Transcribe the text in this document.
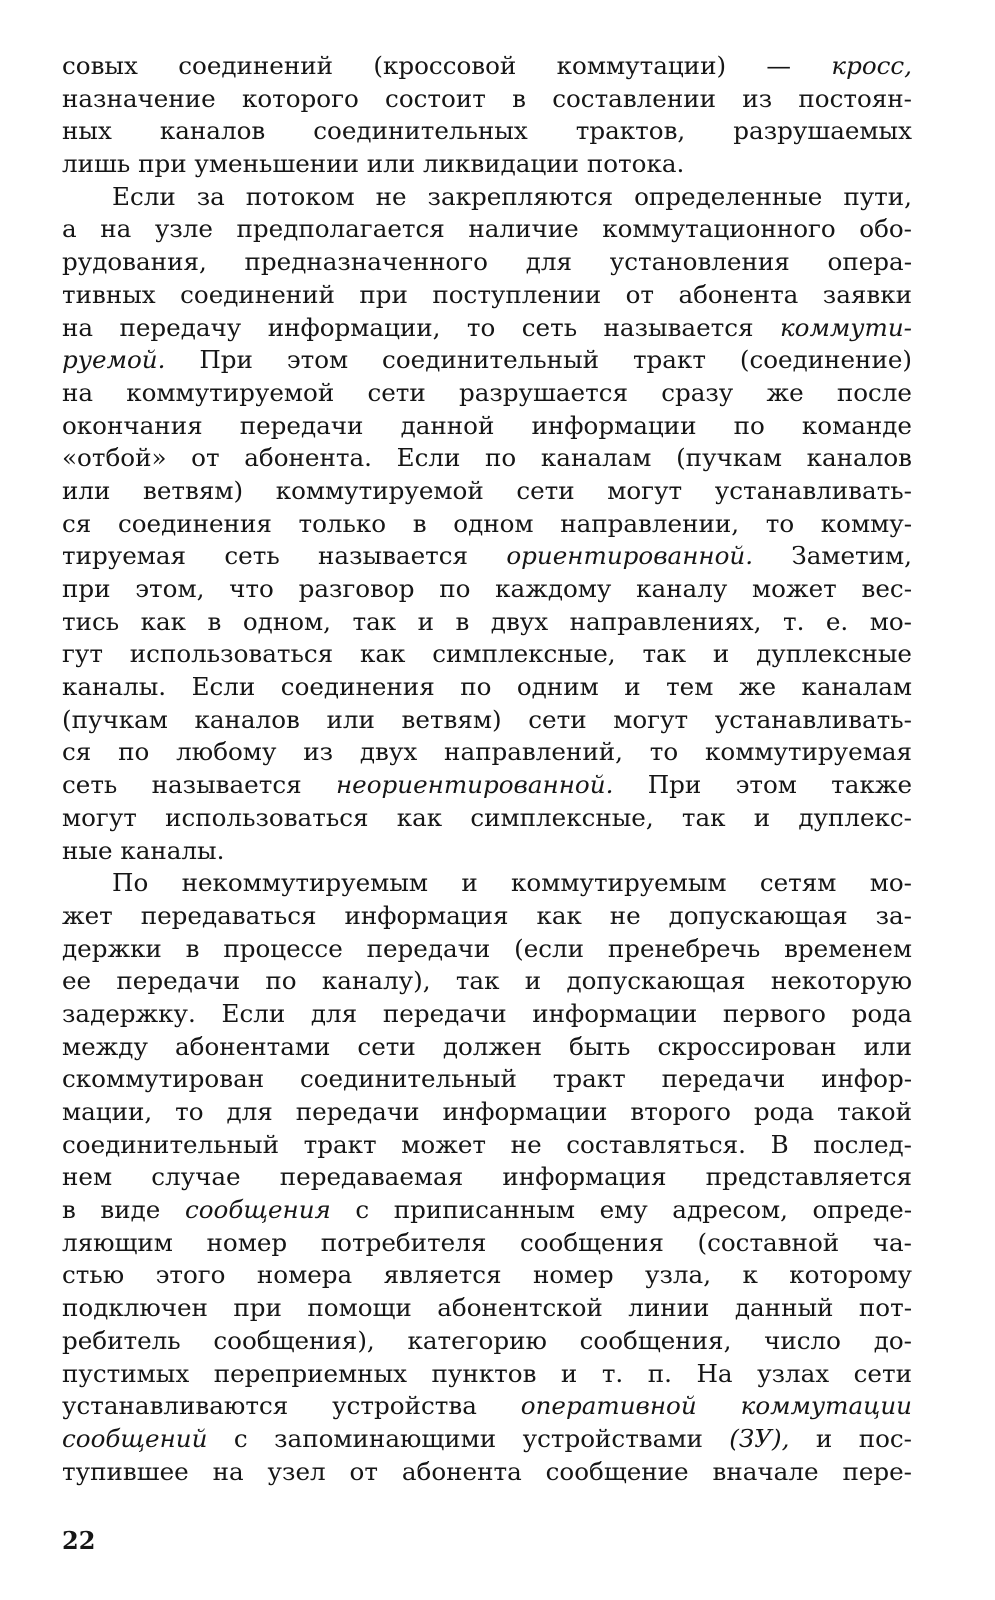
совых соединений (кроссовой коммутации) — кросс,
назначение которого состоит в составлении из постоян-
ных каналов соединительных трактов, разрушаемых
лишь при уменьшении или ликвидации потока.
Если за потоком не закрепляются определенные пути,
а на узле предполагается наличие коммутационного обо-
рудования, предназначенного для установления опера-
тивных соединений при поступлении от абонента заявки
на передачу информации, то сеть называется коммути-
руемой. При этом соединительный тракт (соединение)
на коммутируемой сети разрушается сразу же после
окончания передачи данной информации по команде
«отбой» от абонента. Если по каналам (пучкам каналов
или ветвям) коммутируемой сети могут устанавливать-
ся соединения только в одном направлении, то комму-
тируемая сеть называется ориентированной. Заметим,
при этом, что разговор по каждому каналу может вес-
тись как в одном, так и в двух направлениях, т. е. мо-
гут использоваться как симплексные, так и дуплексные
каналы. Если соединения по одним и тем же каналам
(пучкам каналов или ветвям) сети могут устанавливать-
ся по любому из двух направлений, то коммутируемая
сеть называется неориентированной. При этом также
могут использоваться как симплексные, так и дуплекс-
ные каналы.
По некоммутируемым и коммутируемым сетям мо-
жет передаваться информация как не допускающая за-
держки в процессе передачи (если пренебречь временем
ее передачи по каналу), так и допускающая некоторую
задержку. Если для передачи информации первого рода
между абонентами сети должен быть скроссирован или
скоммутирован соединительный тракт передачи инфор-
мации, то для передачи информации второго рода такой
соединительный тракт может не составляться. В послед-
нем случае передаваемая информация представляется
в виде сообщения с приписанным ему адресом, опреде-
ляющим номер потребителя сообщения (составной ча-
стью этого номера является номер узла, к которому
подключен при помощи абонентской линии данный пот-
ребитель сообщения), категорию сообщения, число до-
пустимых переприемных пунктов и т. п. На узлах сети
устанавливаются устройства оперативной коммутации
сообщений с запоминающими устройствами (ЗУ), и пос-
тупившее на узел от абонента сообщение вначале пере-
22
